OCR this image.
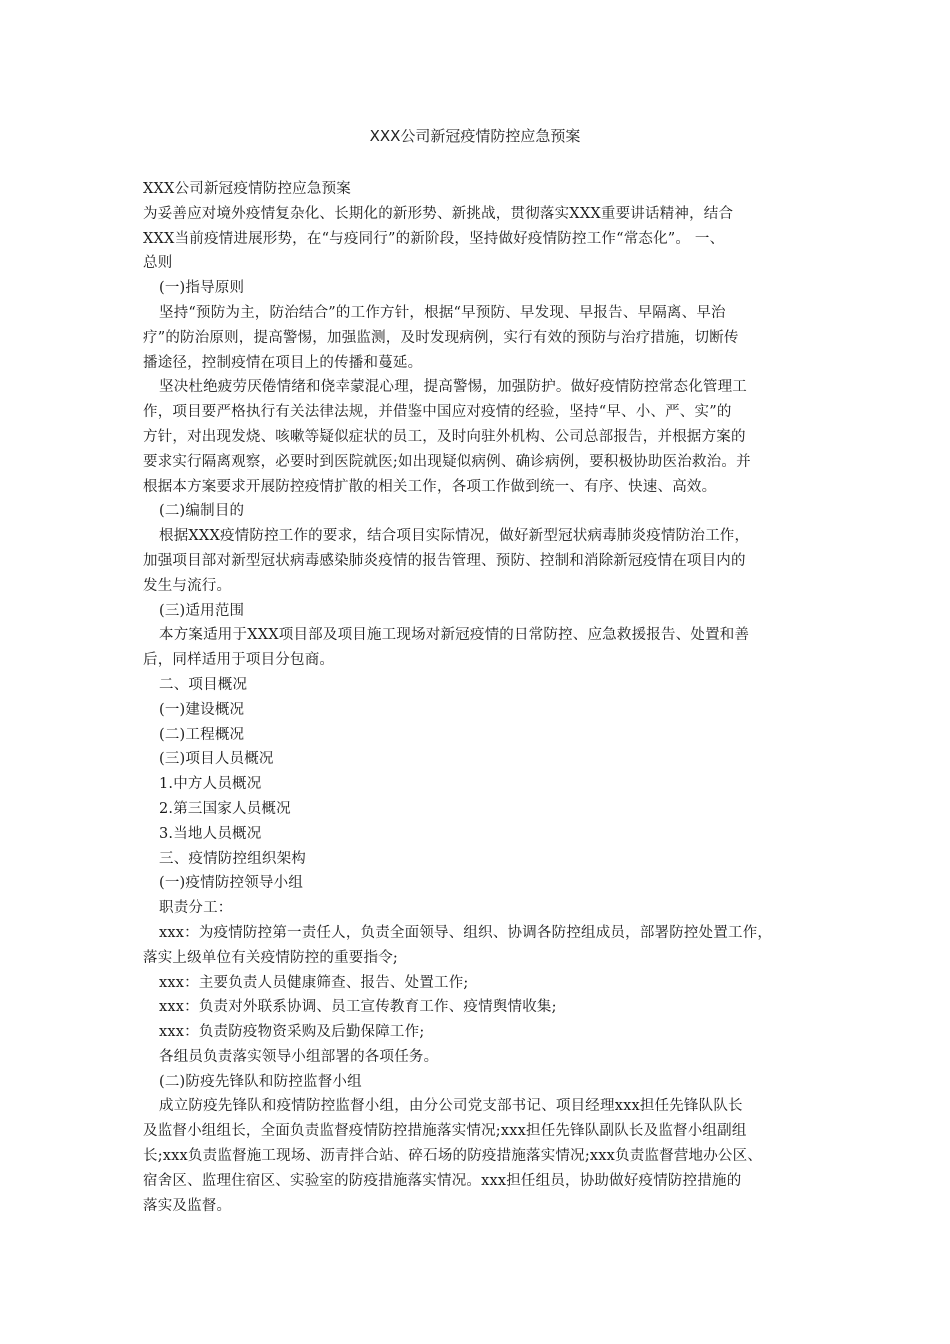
XXX公司新冠疫情防控应急预案

XXX公司新冠疫情防控应急预案

为妥善应对境外疫情复杂化、长期化的新形势、新挑战，贯彻落实XXX重要讲话精神，结合

XXX当前疫情进展形势，在“与疫同行”的新阶段，坚持做好疫情防控工作“常态化”。 一、

总则

(一)指导原则

坚持“预防为主，防治结合”的工作方针，根据“早预防、早发现、早报告、早隔离、早治

疗”的防治原则，提高警惕，加强监测，及时发现病例，实行有效的预防与治疗措施，切断传

播途径，控制疫情在项目上的传播和蔓延。

坚决杜绝疲劳厌倦情绪和侥幸蒙混心理，提高警惕，加强防护。做好疫情防控常态化管理工

作，项目要严格执行有关法律法规，并借鉴中国应对疫情的经验，坚持“早、小、严、实”的

方针，对出现发烧、咳嗽等疑似症状的员工，及时向驻外机构、公司总部报告，并根据方案的

要求实行隔离观察，必要时到医院就医;如出现疑似病例、确诊病例，要积极协助医治救治。并

根据本方案要求开展防控疫情扩散的相关工作，各项工作做到统一、有序、快速、高效。

(二)编制目的

根据XXX疫情防控工作的要求，结合项目实际情况，做好新型冠状病毒肺炎疫情防治工作，

加强项目部对新型冠状病毒感染肺炎疫情的报告管理、预防、控制和消除新冠疫情在项目内的

发生与流行。

(三)适用范围

本方案适用于XXX项目部及项目施工现场对新冠疫情的日常防控、应急救援报告、处置和善

后，同样适用于项目分包商。

二、项目概况

(一)建设概况

(二)工程概况

(三)项目人员概况

1.中方人员概况

2.第三国家人员概况

3.当地人员概况

三、疫情防控组织架构

(一)疫情防控领导小组

职责分工：

xxx：为疫情防控第一责任人，负责全面领导、组织、协调各防控组成员，部署防控处置工作，

落实上级单位有关疫情防控的重要指令;

xxx：主要负责人员健康筛查、报告、处置工作;

xxx：负责对外联系协调、员工宣传教育工作、疫情舆情收集;

xxx：负责防疫物资采购及后勤保障工作;

各组员负责落实领导小组部署的各项任务。

(二)防疫先锋队和防控监督小组

成立防疫先锋队和疫情防控监督小组，由分公司党支部书记、项目经理xxx担任先锋队队长

及监督小组组长，全面负责监督疫情防控措施落实情况;xxx担任先锋队副队长及监督小组副组

长;xxx负责监督施工现场、沥青拌合站、碎石场的防疫措施落实情况;xxx负责监督营地办公区、

宿舍区、监理住宿区、实验室的防疫措施落实情况。xxx担任组员，协助做好疫情防控措施的

落实及监督。
